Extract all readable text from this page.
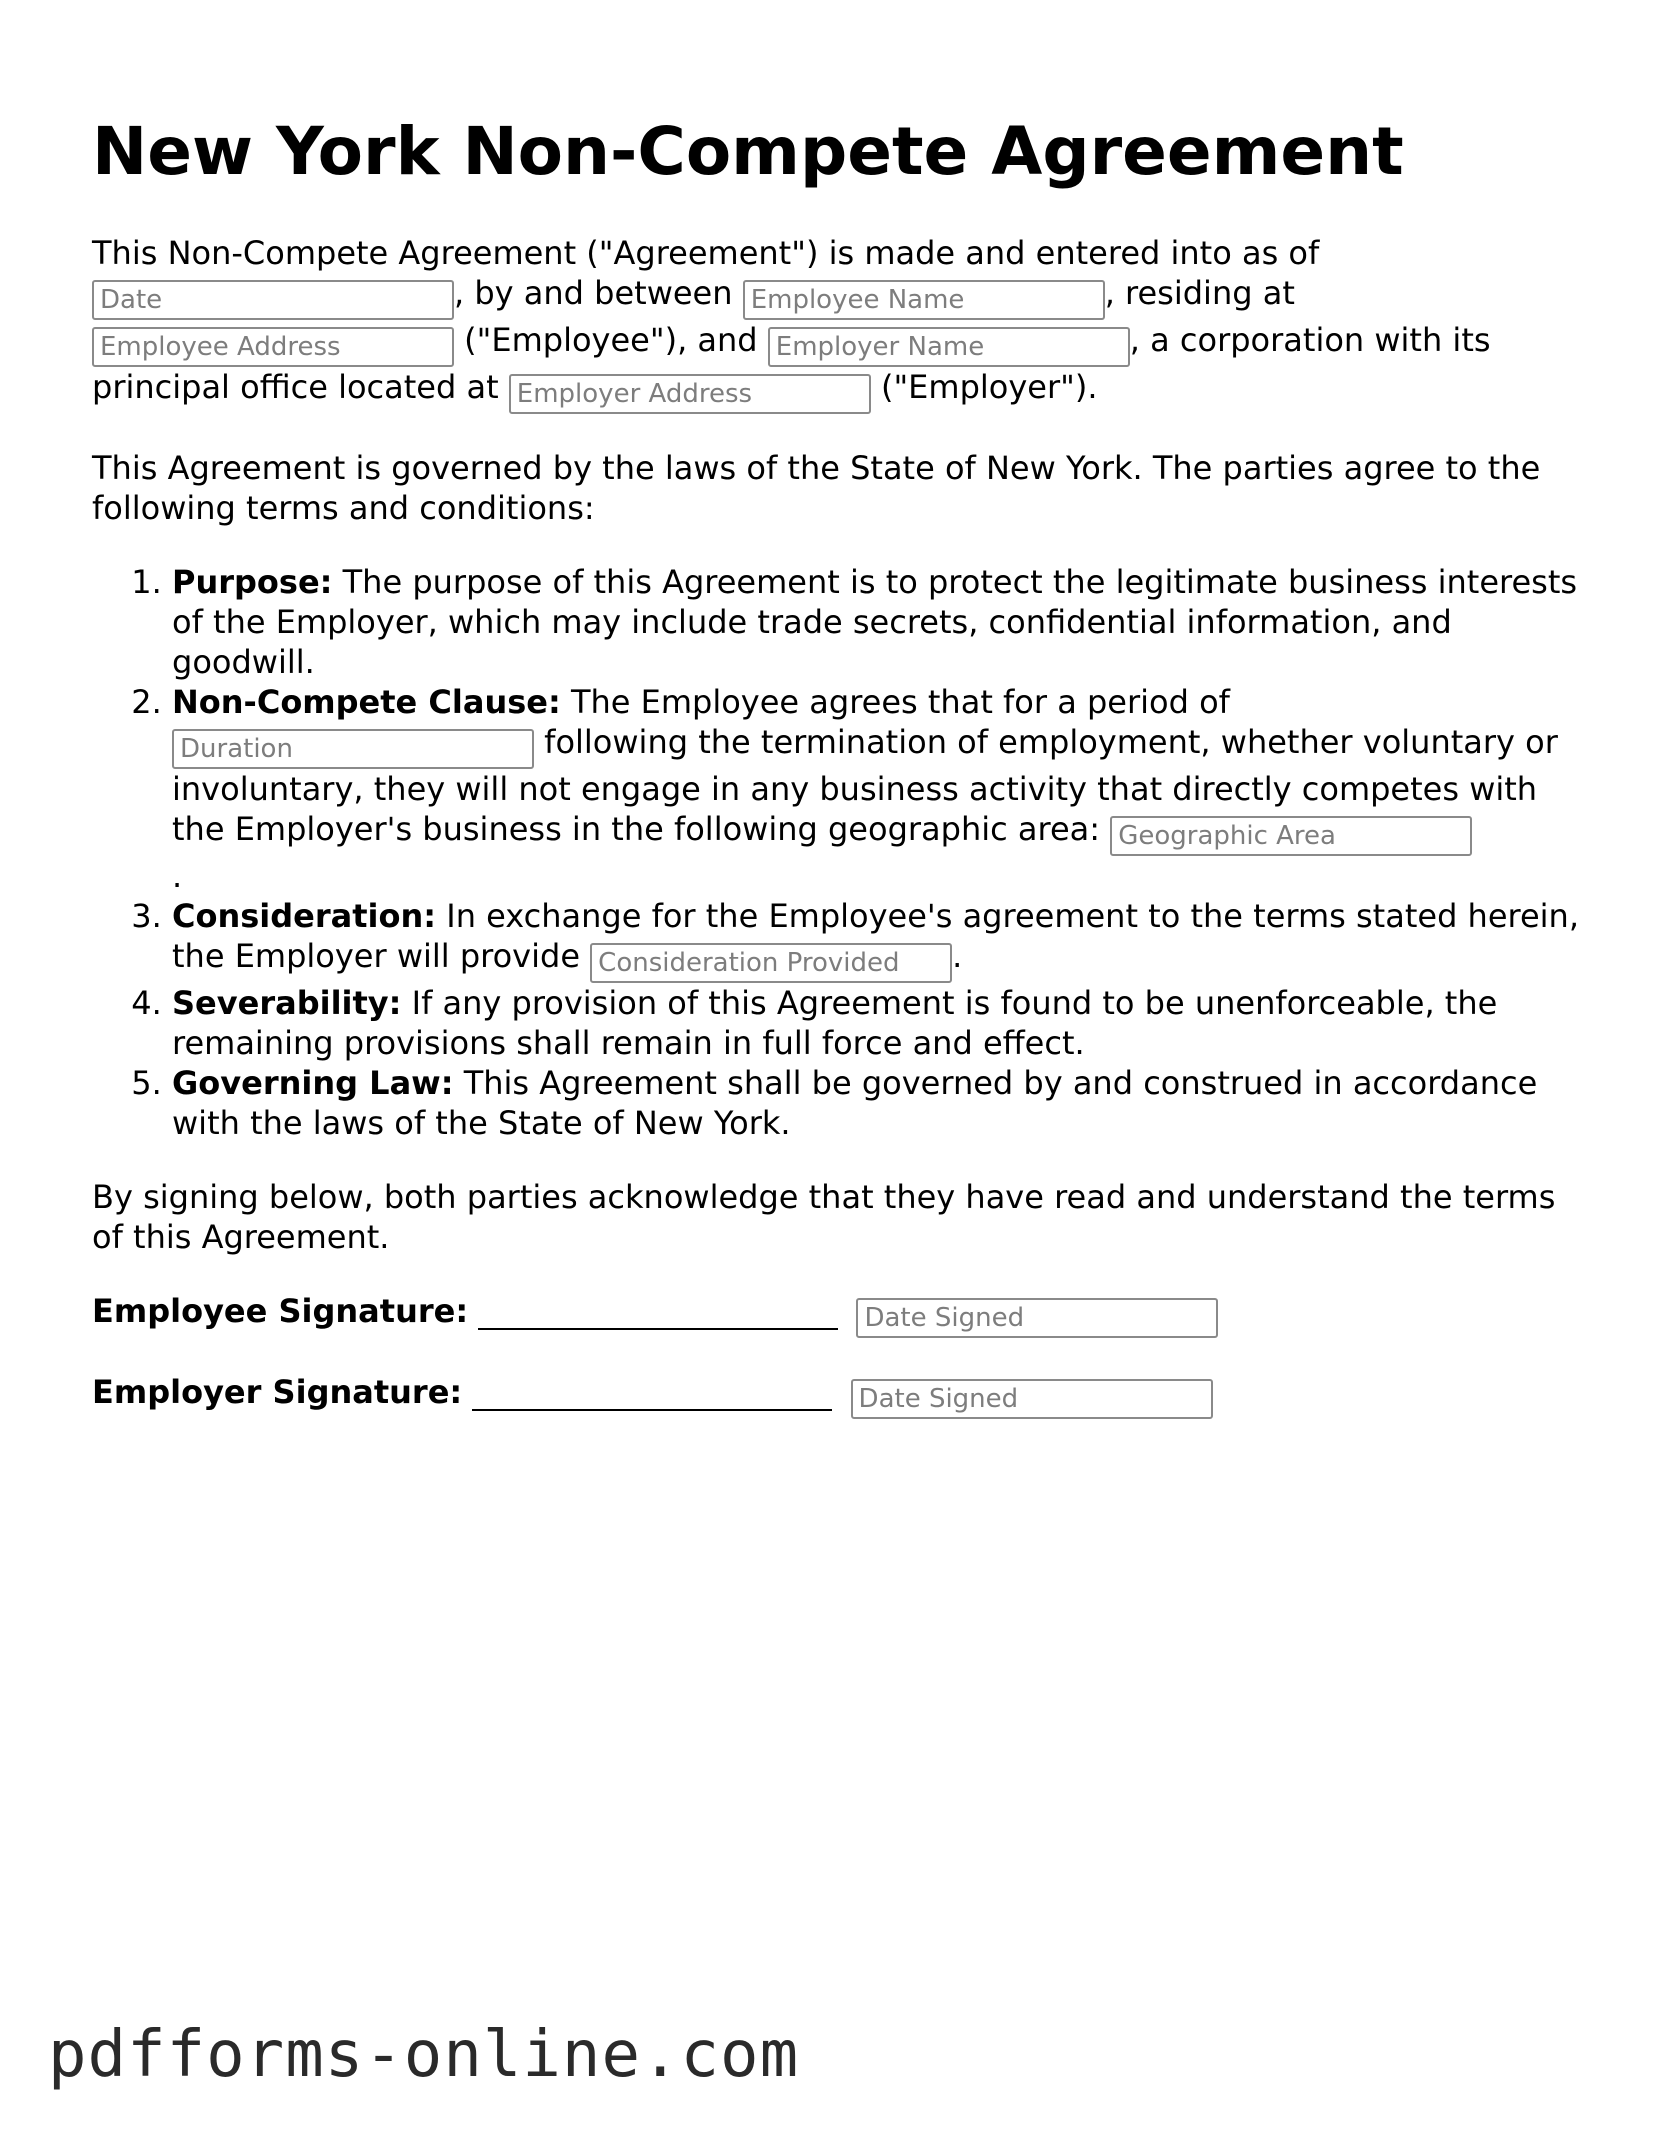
New York Non-Compete Agreement

This Non-Compete Agreement ("Agreement") is made and entered into as of
Date, by and between Employee Name	, residing at
Employee Address ("Employee"), and Employer Name	, a corporation with its principal office located at Employer Address	("Employer").

This Agreement is governed by the laws of the State of New York. The parties agree to the following terms and conditions:

1. Purpose: The purpose of this Agreement is to protect the legitimate business interests of the Employer, which may include trade secrets, confidential information, and goodwill.
2. Non-Compete Clause: The Employee agrees that for a period of
Duration following the termination of employment, whether voluntary or involuntary, they will not engage in any business activity that directly competes with the Employer's business in the following geographic area: Geographic Area
.
3. Consideration: In exchange for the Employee's agreement to the terms stated herein, the Employer will provide Consideration Provided	.
4. Severability: If any provision of this Agreement is found to be unenforceable, the remaining provisions shall remain in full force and effect.
5. Governing Law: This Agreement shall be governed by and construed in accordance with the laws of the State of New York.

By signing below, both parties acknowledge that they have read and understand the terms of this Agreement.

Employee Signature:  Date Signed
Employer Signature:  Date Signed
pdfforms-online.com
